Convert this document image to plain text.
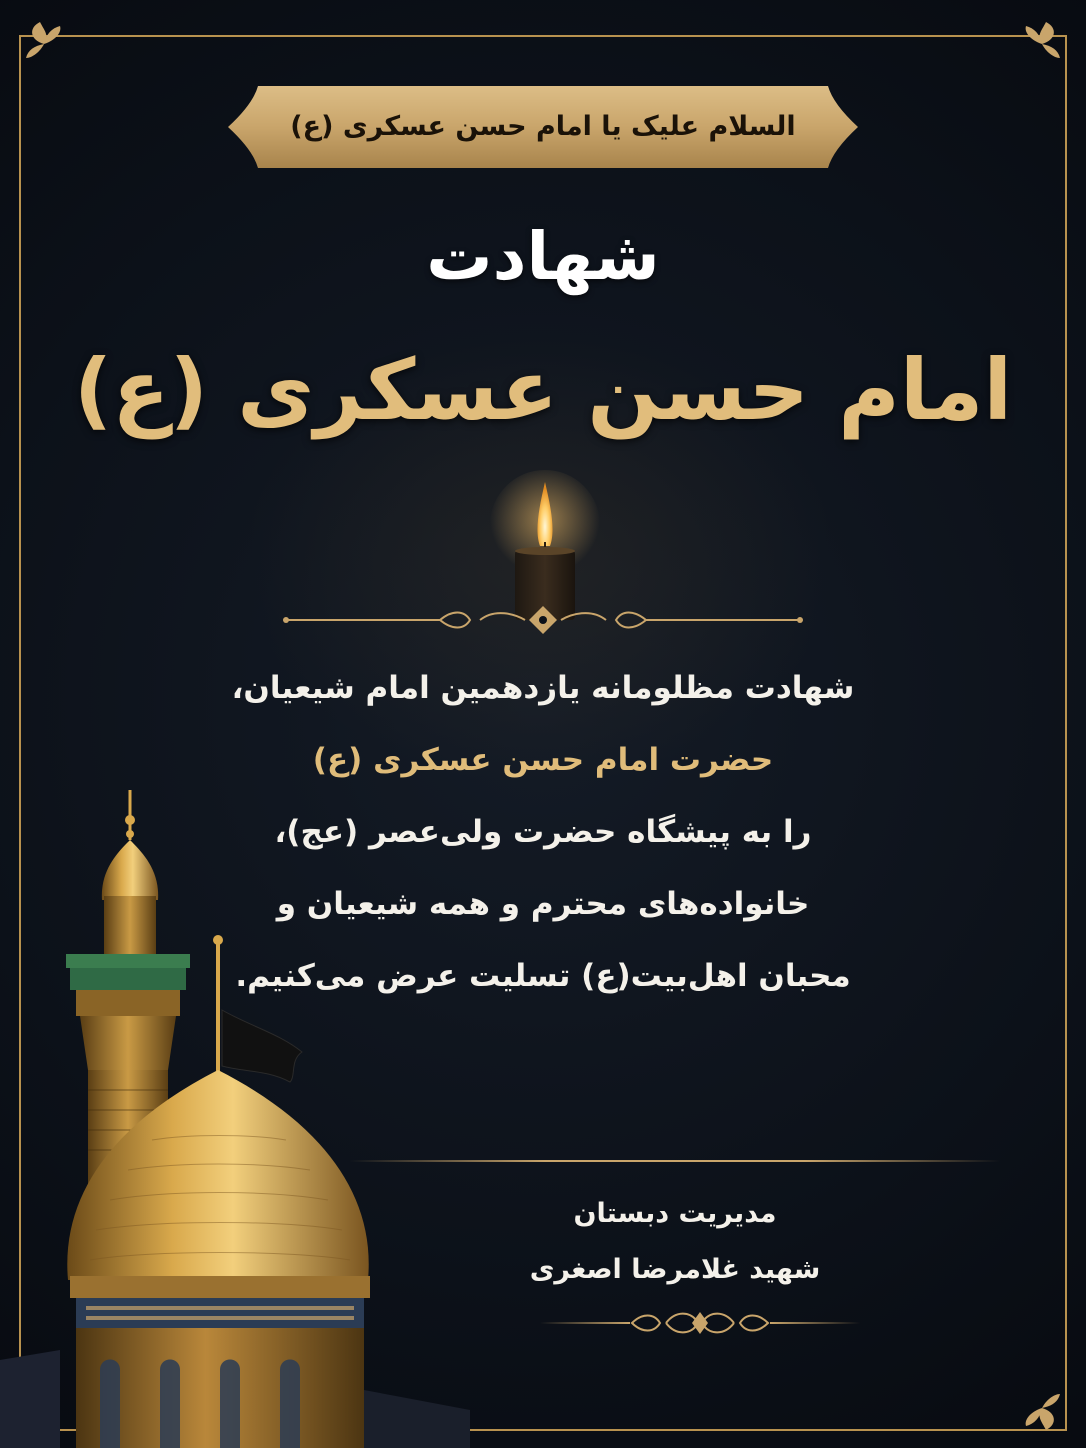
السلام علیک یا امام حسن عسکری (ع)
شهادت
امام حسن عسکری (ع)
شهادت مظلومانه یازدهمین امام شیعیان،
حضرت امام حسن عسکری (ع)
را به پیشگاه حضرت ولی‌عصر (عج)،
خانواده‌های محترم و همه شیعیان و
محبان اهل‌بیت(ع) تسلیت عرض می‌کنیم.
مدیریت دبستان
شهید غلامرضا اصغری
